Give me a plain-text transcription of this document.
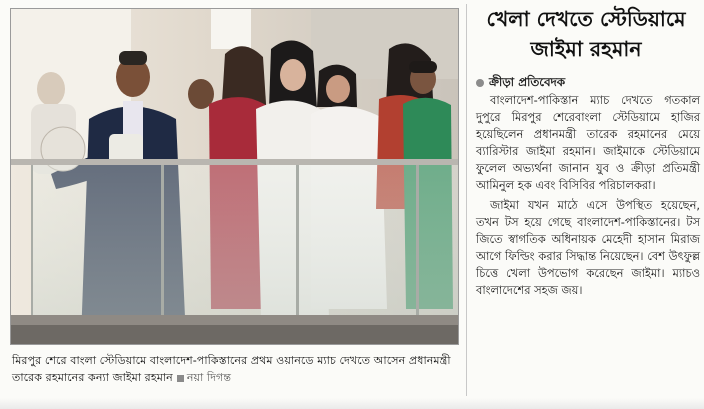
মিরপুর শেরে বাংলা স্টেডিয়ামে বাংলাদেশ-পাকিস্তানের প্রথম ওয়ানডে ম্যাচ দেখতে আসেন প্রধানমন্ত্রী তারেক রহমানের কন্যা জাইমা রহমান নয়া দিগন্ত
খেলা দেখতে স্টেডিয়ামে জাইমা রহমান
ক্রীড়া প্রতিবেদক

বাংলাদেশ-পাকিস্তান ম্যাচ দেখতে গতকাল দুপুরে মিরপুর শেরেবাংলা স্টেডিয়ামে হাজির হয়েছিলেন প্রধানমন্ত্রী তারেক রহমানের মেয়ে ব্যারিস্টার জাইমা রহমান। জাইমাকে স্টেডিয়ামে ফুলেল অভ্যর্থনা জানান যুব ও ক্রীড়া প্রতিমন্ত্রী আমিনুল হক এবং বিসিবির পরিচালকরা।

জাইমা যখন মাঠে এসে উপস্থিত হয়েছেন, তখন টস হয়ে গেছে বাংলাদেশ-পাকিস্তানের। টস জিতে স্বাগতিক অধিনায়ক মেহেদী হাসান মিরাজ আগে ফিল্ডিং করার সিদ্ধান্ত নিয়েছেন। বেশ উৎফুল্ল চিত্তে খেলা উপভোগ করেছেন জাইমা। ম্যাচও বাংলাদেশের সহজ জয়।
